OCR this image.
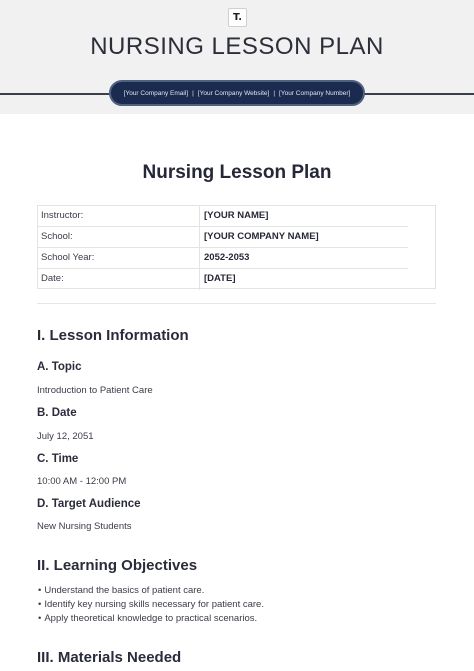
T.
NURSING LESSON PLAN
[Your Company Email] | [Your Company Website] | [Your Company Number]
Nursing Lesson Plan
Instructor:	[YOUR NAME]
School:	[YOUR COMPANY NAME]
School Year:	2052-2053
Date:	[DATE]
I. Lesson Information
A. Topic
Introduction to Patient Care
B. Date
July 12, 2051
C. Time
10:00 AM - 12:00 PM
D. Target Audience
New Nursing Students
II. Learning Objectives
• Understand the basics of patient care.
• Identify key nursing skills necessary for patient care.
• Apply theoretical knowledge to practical scenarios.
III. Materials Needed
